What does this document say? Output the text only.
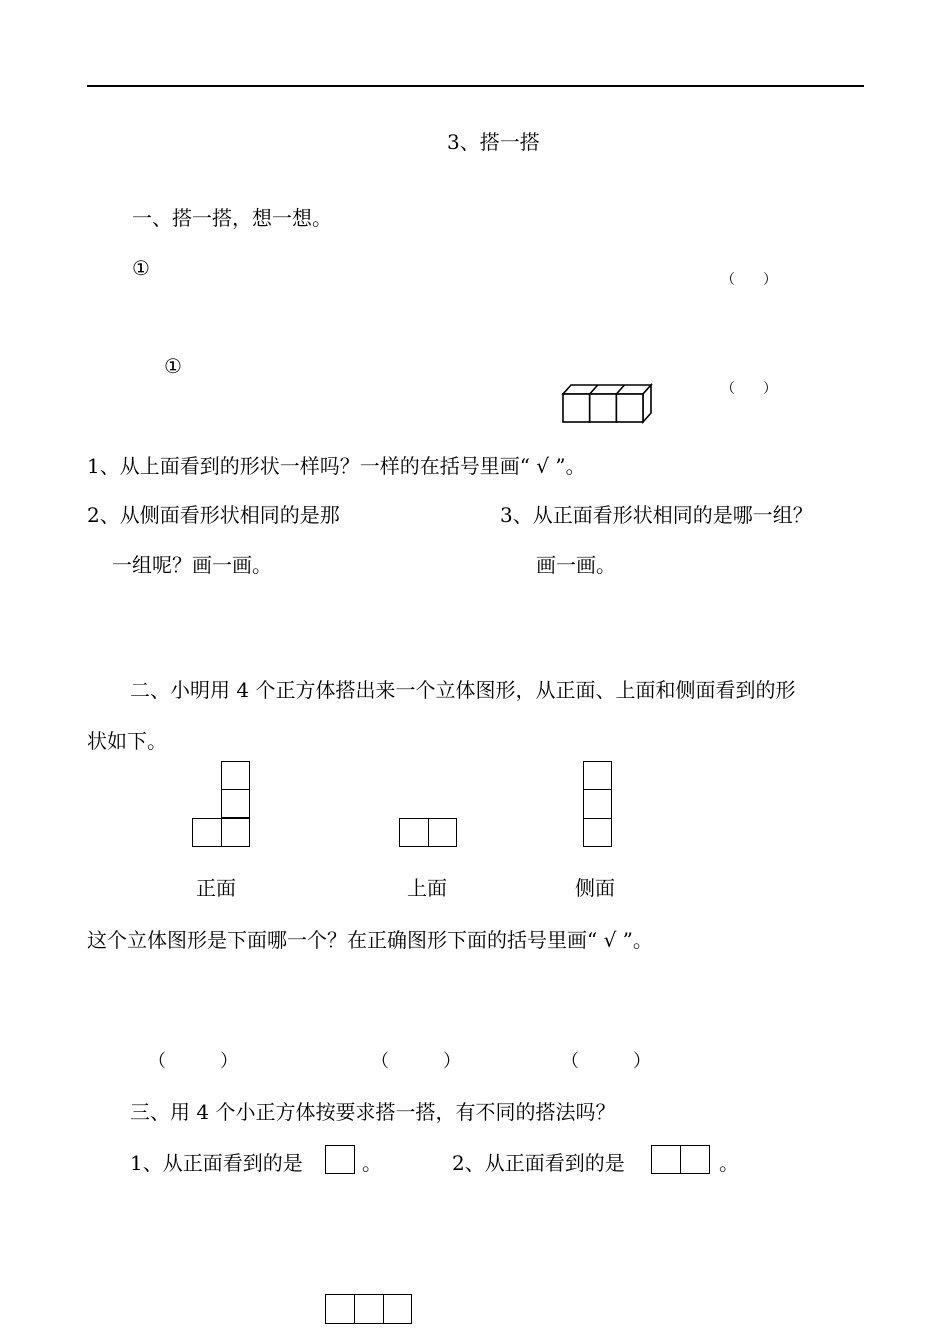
3、搭一搭
一、搭一搭，想一想。
①	（　　）
①
（　　）
1、从上面看到的形状一样吗？一样的在括号里画“ √ ”。
2、从侧面看形状相同的是那
一组呢？画一画。
3、从正面看形状相同的是哪一组？
画一画。
二、小明用 4 个正方体搭出来一个立体图形，从正面、上面和侧面看到的形
状如下。
正面	上面	侧面
这个立体图形是下面哪一个？在正确图形下面的括号里画“ √ ”。
（　　　）	（　　　）	（　　　）
三、用 4 个小正方体按要求搭一搭，有不同的搭法吗？
1、从正面看到的是	。	2、从正面看到的是	。
